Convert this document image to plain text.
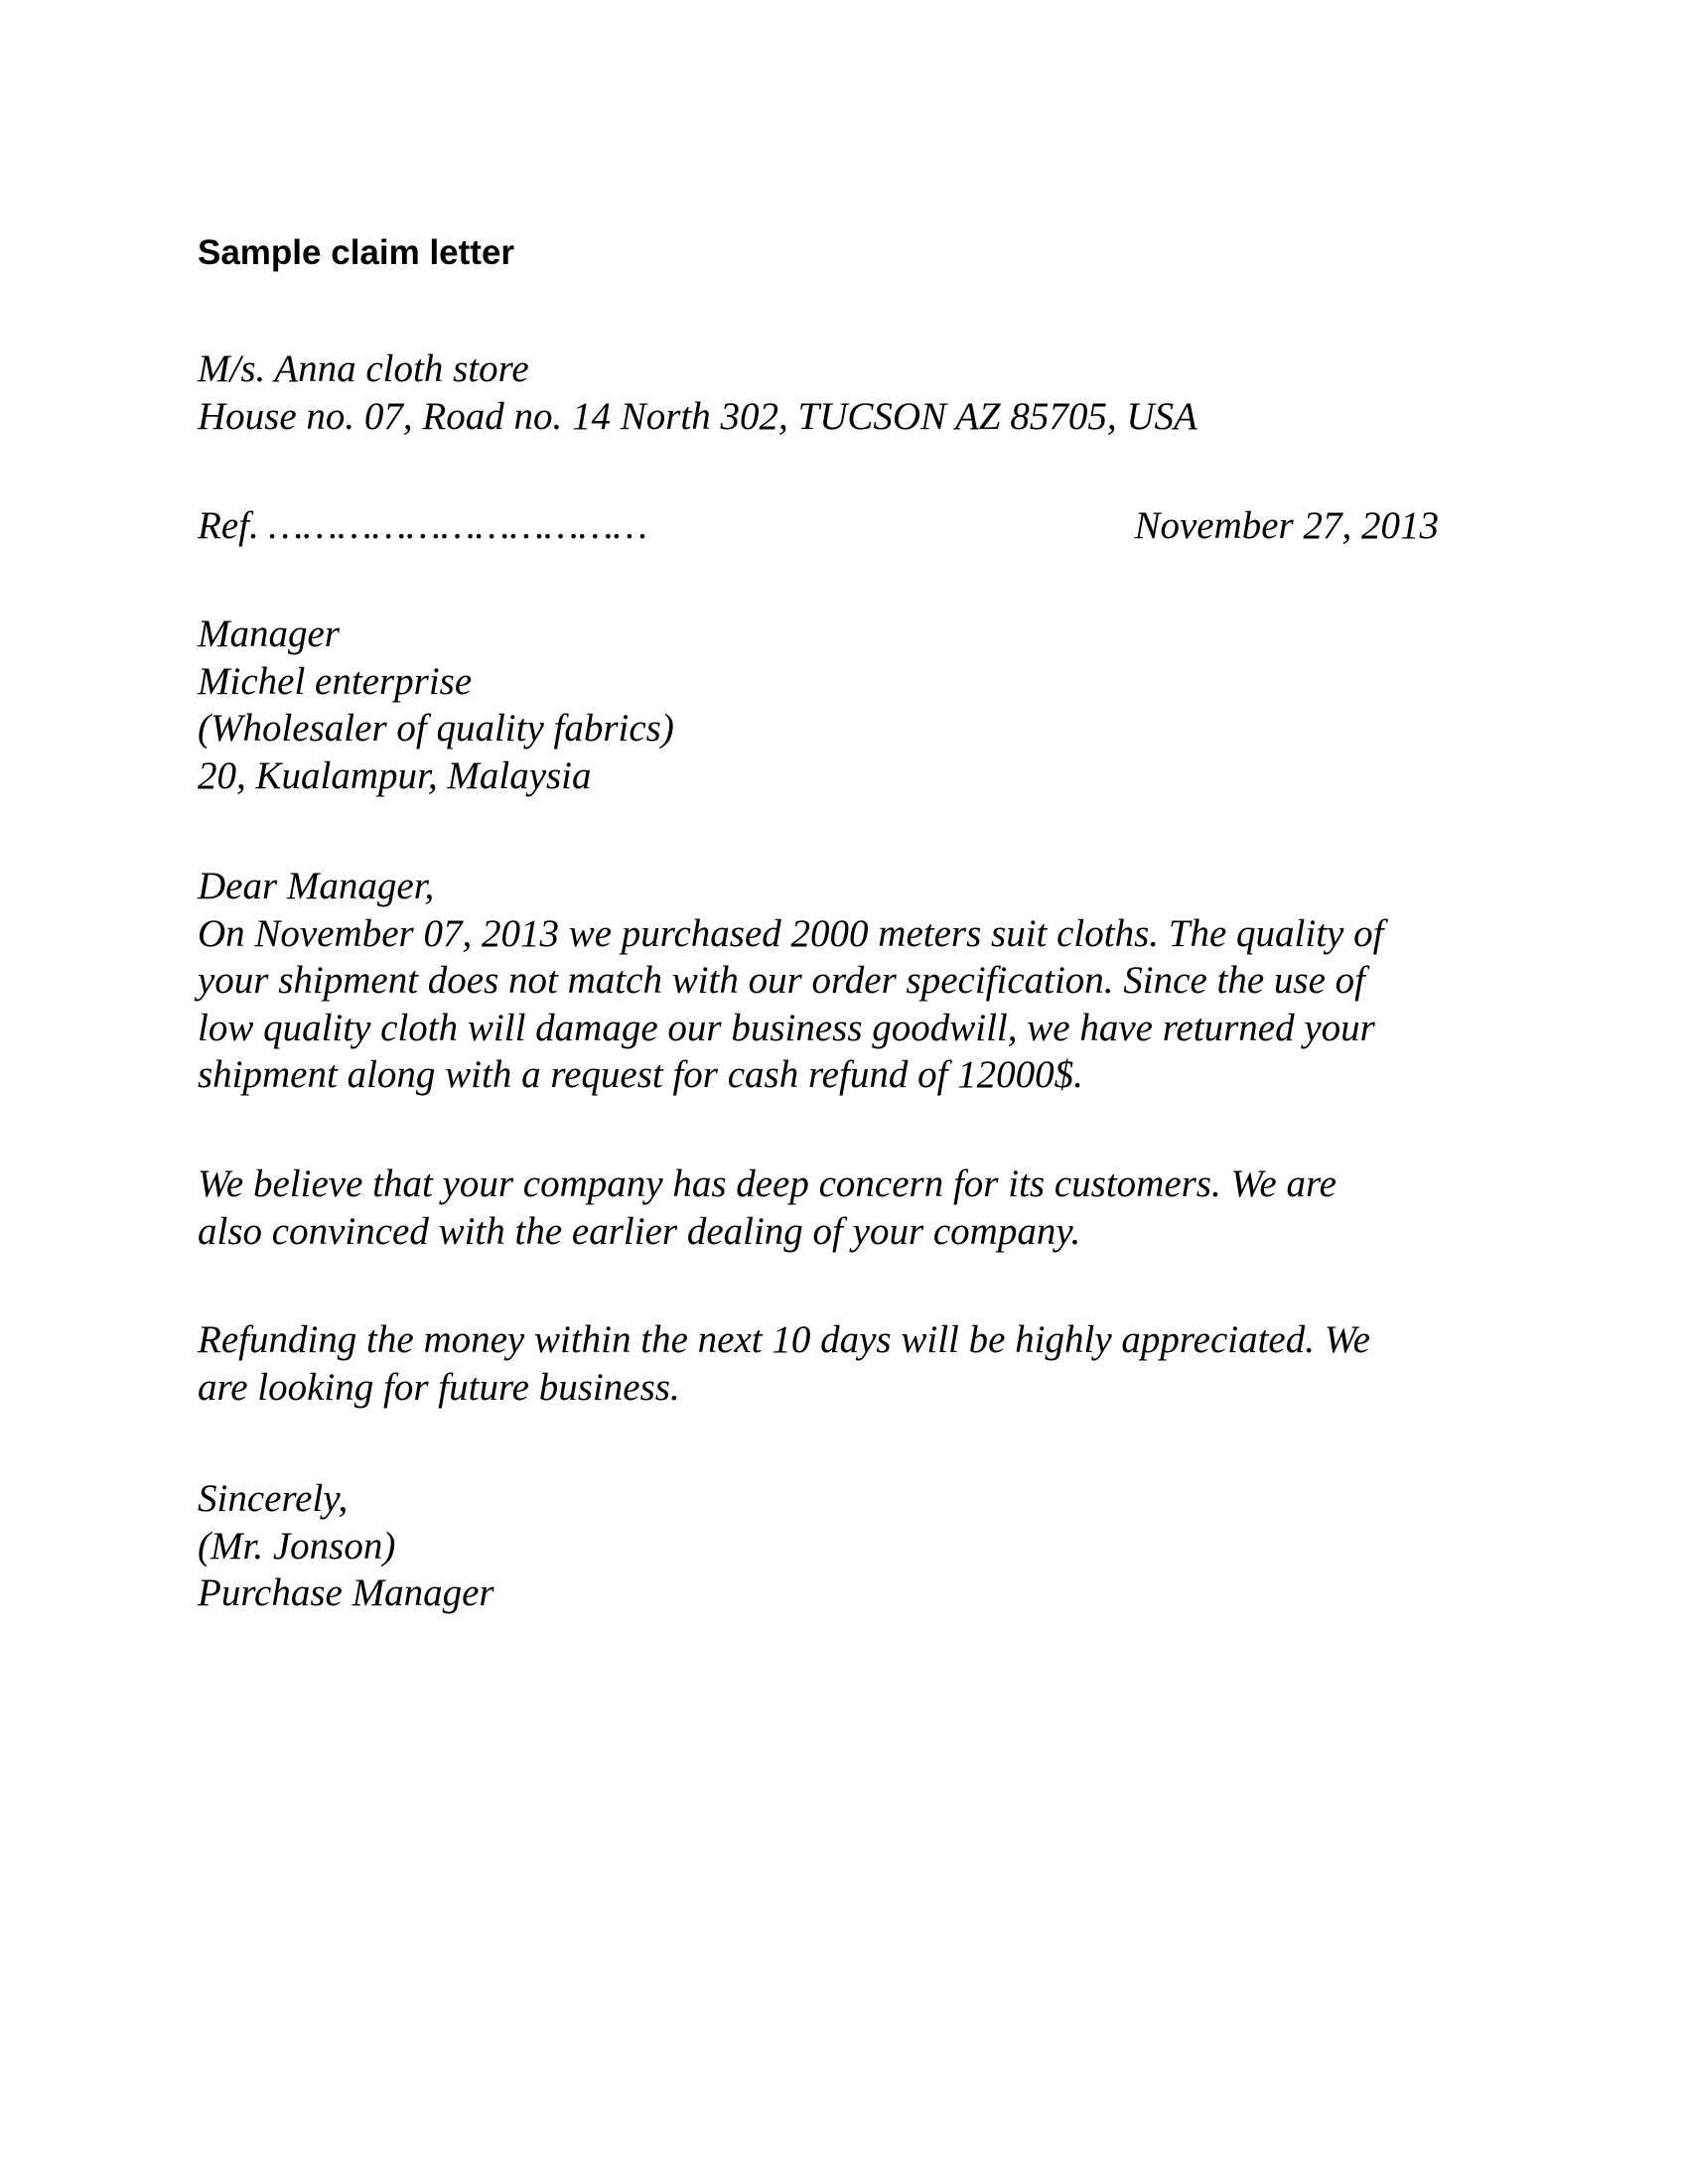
Sample claim letter
M/s. Anna cloth store
House no. 07, Road no. 14 North 302, TUCSON AZ 85705, USA
Ref. ……………………………	November 27, 2013
Manager
Michel enterprise
(Wholesaler of quality fabrics)
20, Kualampur, Malaysia
Dear Manager,
On November 07, 2013 we purchased 2000 meters suit cloths. The quality of
your shipment does not match with our order specification. Since the use of
low quality cloth will damage our business goodwill, we have returned your
shipment along with a request for cash refund of 12000$.
We believe that your company has deep concern for its customers. We are
also convinced with the earlier dealing of your company.
Refunding the money within the next 10 days will be highly appreciated. We
are looking for future business.
Sincerely,
(Mr. Jonson)
Purchase Manager
